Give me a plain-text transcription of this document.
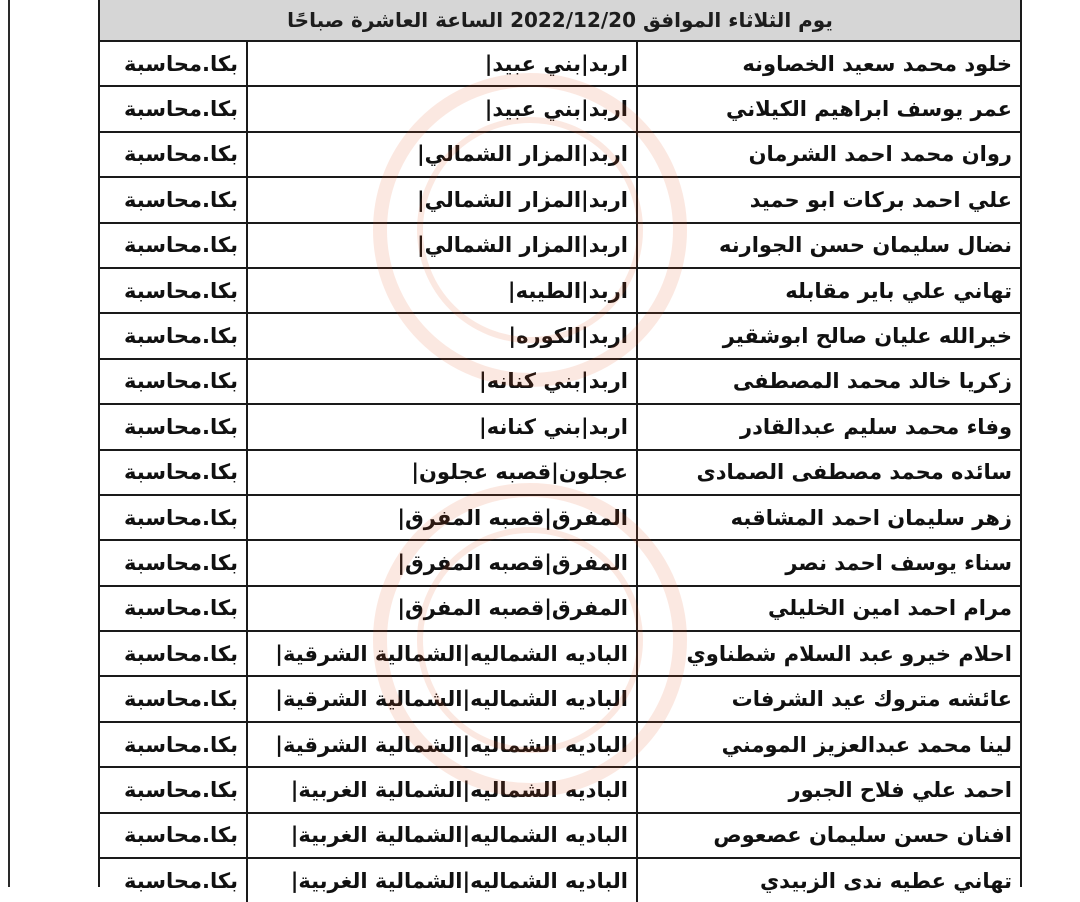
يوم الثلاثاء الموافق 2022/12/20 الساعة العاشرة صباحًا
خلود محمد سعيد الخصاونه	اربد|بني عبيد|	بكا.محاسبة
عمر يوسف ابراهيم الكيلاني	اربد|بني عبيد|	بكا.محاسبة
روان محمد احمد الشرمان	اربد|المزار الشمالي|	بكا.محاسبة
علي احمد بركات ابو حميد	اربد|المزار الشمالي|	بكا.محاسبة
نضال سليمان حسن الجوارنه	اربد|المزار الشمالي|	بكا.محاسبة
تهاني علي باير مقابله	اربد|الطيبه|	بكا.محاسبة
خيرالله عليان صالح ابوشقير	اربد|الكوره|	بكا.محاسبة
زكريا خالد محمد المصطفى	اربد|بني كنانه|	بكا.محاسبة
وفاء محمد سليم عبدالقادر	اربد|بني كنانه|	بكا.محاسبة
سائده محمد مصطفى الصمادى	عجلون|قصبه عجلون|	بكا.محاسبة
زهر سليمان احمد المشاقبه	المفرق|قصبه المفرق|	بكا.محاسبة
سناء يوسف احمد نصر	المفرق|قصبه المفرق|	بكا.محاسبة
مرام احمد امين الخليلي	المفرق|قصبه المفرق|	بكا.محاسبة
احلام خيرو عبد السلام شطناوي	الباديه الشماليه|الشمالية الشرقية|	بكا.محاسبة
عائشه متروك عيد الشرفات	الباديه الشماليه|الشمالية الشرقية|	بكا.محاسبة
لينا محمد عبدالعزيز المومني	الباديه الشماليه|الشمالية الشرقية|	بكا.محاسبة
احمد علي فلاح الجبور	الباديه الشماليه|الشمالية الغربية|	بكا.محاسبة
افنان حسن سليمان عصعوص	الباديه الشماليه|الشمالية الغربية|	بكا.محاسبة
تهاني عطيه ندى الزبيدي	الباديه الشماليه|الشمالية الغربية|	بكا.محاسبة
